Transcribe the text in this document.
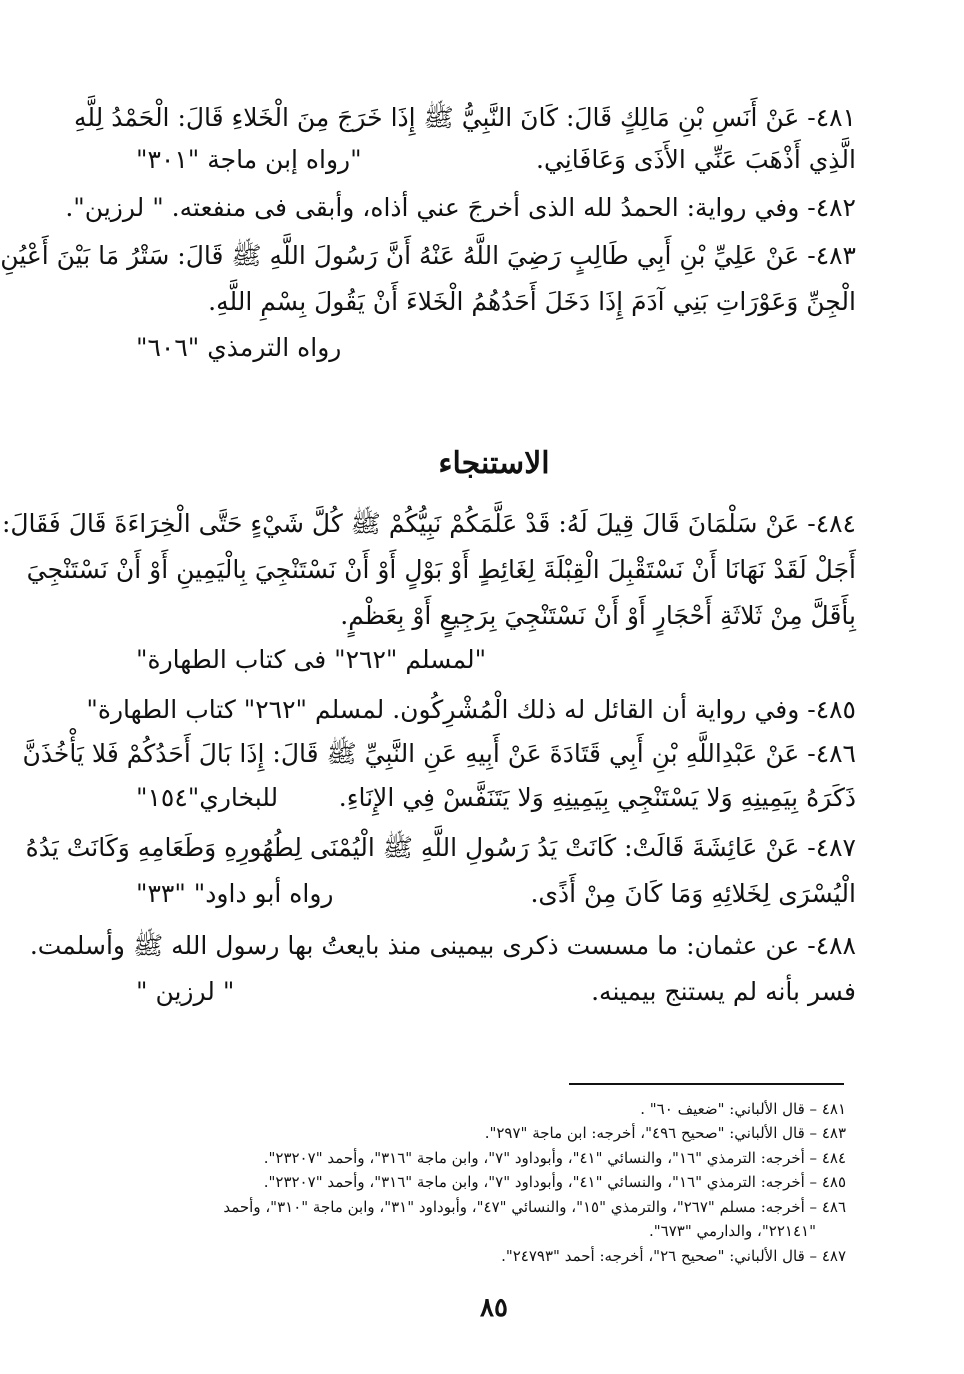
٤٨١- عَنْ أَنَسِ بْنِ مَالِكٍ قَالَ: كَانَ النَّبِيُّ ﷺ إِذَا خَرَجَ مِنَ الْخَلاءِ قَالَ: الْحَمْدُ لِلَّهِ
الَّذِي أَذْهَبَ عَنِّي الأَذَى وَعَافَانِي.
"رواه إبن ماجة "٣٠١"
٤٨٢- وفي رواية: الحمدُ لله الذى أخرجَ عني أذاه، وأبقى فى منفعته. " لرزين".
٤٨٣- عَنْ عَلِيِّ بْنِ أَبِي طَالِبٍ رَضِيَ اللَّهُ عَنْهُ أَنَّ رَسُولَ اللَّهِ ﷺ قَالَ: سَتْرُ مَا بَيْنَ أَعْيُنِ
الْجِنِّ وَعَوْرَاتِ بَنِي آدَمَ إِذَا دَخَلَ أَحَدُهُمُ الْخَلاءَ أَنْ يَقُولَ بِسْمِ اللَّهِ.
رواه الترمذي "٦٠٦"
الاستنجاء
٤٨٤- عَنْ سَلْمَانَ قَالَ قِيلَ لَهُ: قَدْ عَلَّمَكُمْ نَبِيُّكُمْ ﷺ كُلَّ شَيْءٍ حَتَّى الْخِرَاءَةَ قَالَ فَقَالَ:
أَجَلْ لَقَدْ نَهَانَا أَنْ نَسْتَقْبِلَ الْقِبْلَةَ لِغَائِطٍ أَوْ بَوْلٍ أَوْ أَنْ نَسْتَنْجِيَ بِالْيَمِينِ أَوْ أَنْ نَسْتَنْجِيَ
بِأَقَلَّ مِنْ ثَلاثَةِ أَحْجَارٍ أَوْ أَنْ نَسْتَنْجِيَ بِرَجِيعٍ أَوْ بِعَظْمٍ.
"لمسلم "٢٦٢" فى كتاب الطهارة"
٤٨٥- وفي رواية أن القائل له ذلك الْمُشْرِكُون. لمسلم "٢٦٢" كتاب الطهارة"
٤٨٦- عَنْ عَبْدِاللَّهِ بْنِ أَبِي قَتَادَةَ عَنْ أَبِيهِ عَنِ النَّبِيِّ ﷺ قَالَ: إِذَا بَالَ أَحَدُكُمْ فَلا يَأْخُذَنَّ
ذَكَرَهُ بِيَمِينِهِ وَلا يَسْتَنْجِي بِيَمِينِهِ وَلا يَتَنَفَّسْ فِي الإِنَاءِ.
للبخاري"١٥٤"
٤٨٧- عَنْ عَائِشَةَ قَالَتْ: كَانَتْ يَدُ رَسُولِ اللَّهِ ﷺ الْيُمْنَى لِطُهُورِهِ وَطَعَامِهِ وَكَانَتْ يَدُهُ
الْيُسْرَى لِخَلائِهِ وَمَا كَانَ مِنْ أَذًى.
رواه أبو داود" "٣٣"
٤٨٨- عن عثمان: ما مسست ذكرى بيمينى منذ بايعتُ بها رسول الله ﷺ وأسلمت.
فسر بأنه لم يستنج بيمينه.
" لرزين "
٤٨١ – قال الألباني: "ضعيف ٦٠" .
٤٨٣ – قال الألباني: "صحيح ٤٩٦"، أخرجه: ابن ماجة "٢٩٧".
٤٨٤ – أخرجه: الترمذي "١٦"، والنسائي "٤١"، وأبوداود "٧"، وابن ماجة "٣١٦"، وأحمد "٢٣٢٠٧".
٤٨٥ – أخرجه: الترمذي "١٦"، والنسائي "٤١"، وأبوداود "٧"، وابن ماجة "٣١٦"، وأحمد "٢٣٢٠٧".
٤٨٦ – أخرجه: مسلم "٢٦٧"، والترمذي "١٥"، والنسائي "٤٧"، وأبوداود "٣١"، وابن ماجة "٣١٠"، وأحمد
"٢٢١٤١"، والدارمي "٦٧٣".
٤٨٧ – قال الألباني: "صحيح ٢٦"، أخرجه: أحمد "٢٤٧٩٣".
٨٥
